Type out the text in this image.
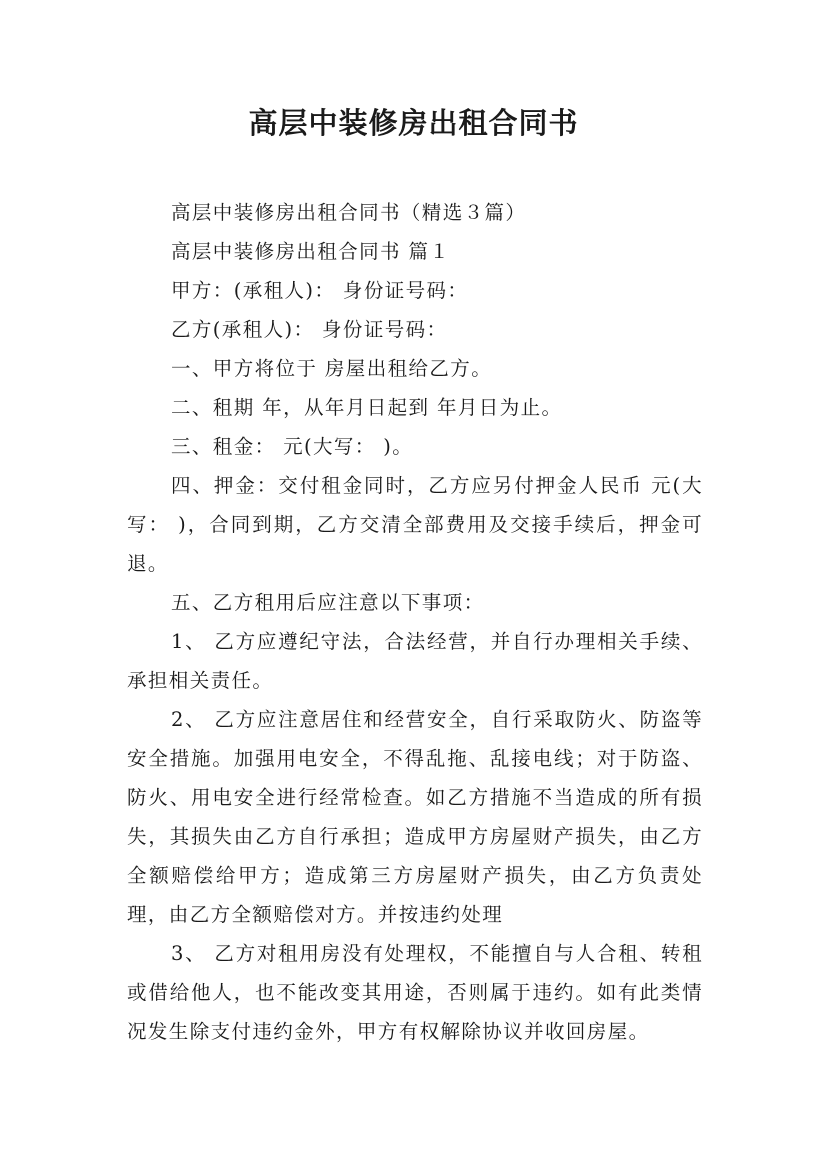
高层中装修房出租合同书

高层中装修房出租合同书（精选３篇）

高层中装修房出租合同书 篇１

甲方：(承租人)： 身份证号码：

乙方(承租人)： 身份证号码：

一、甲方将位于 房屋出租给乙方。

二、租期 年，从年月日起到 年月日为止。

三、租金： 元(大写： )。

四、押金：交付租金同时，乙方应另付押金人民币 元(大写： )，合同到期，乙方交清全部费用及交接手续后，押金可退。

五、乙方租用后应注意以下事项：

1、 乙方应遵纪守法，合法经营，并自行办理相关手续、承担相关责任。

2、 乙方应注意居住和经营安全，自行采取防火、防盗等安全措施。加强用电安全，不得乱拖、乱接电线；对于防盗、防火、用电安全进行经常检查。如乙方措施不当造成的所有损失，其损失由乙方自行承担；造成甲方房屋财产损失，由乙方全额赔偿给甲方；造成第三方房屋财产损失，由乙方负责处理，由乙方全额赔偿对方。并按违约处理

3、 乙方对租用房没有处理权，不能擅自与人合租、转租或借给他人，也不能改变其用途，否则属于违约。如有此类情况发生除支付违约金外，甲方有权解除协议并收回房屋。
